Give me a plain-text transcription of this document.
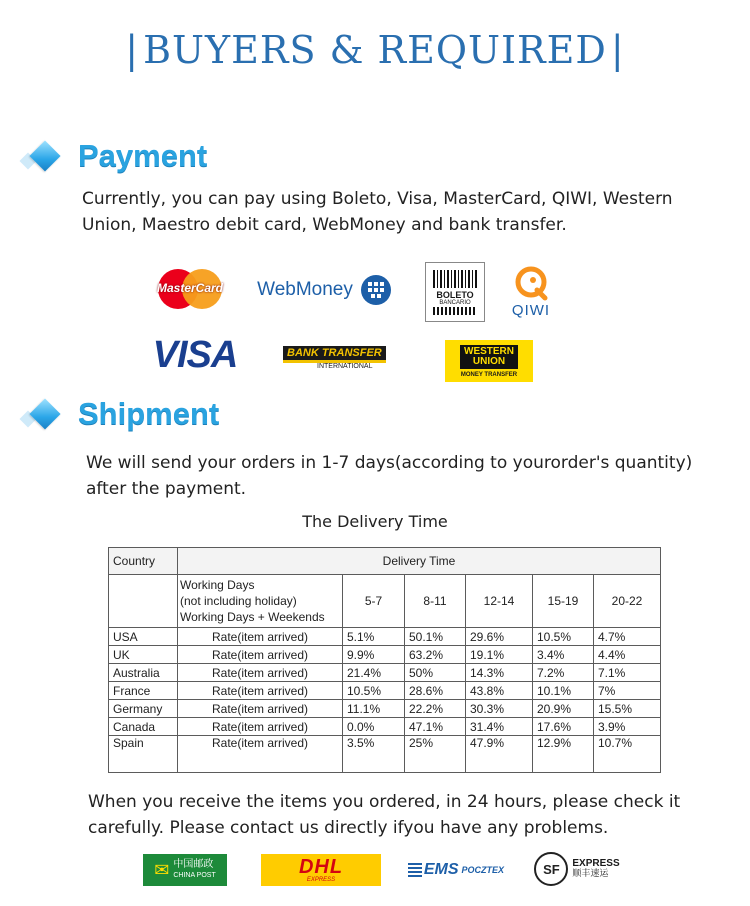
| BUYERS & REQUIRED |
Payment
Currently, you can pay using Boleto, Visa, MasterCard, QIWI, Western
Union, Maestro debit card, WebMoney and bank transfer.
MasterCard WebMoney	BOLETO
BANCARIO	QIWI
VISA	BANK TRANSFER
INTERNATIONAL
WESTERN
UNION
MONEY TRANSFER
Shipment
We will send your orders in 1-7 days(according to yourorder's quantity)
after the payment.
The Delivery Time
Country	Delivery Time					

	Working Days
(not including holiday)
Working Days + Weekends	5-7	8-11	12-14	15-19	20-22
USA	Rate(item arrived)	5.1%	50.1%	29.6%	10.5%	4.7%
UK	Rate(item arrived)	9.9%	63.2%	19.1%	3.4%	4.4%
Australia	Rate(item arrived)	21.4%	50%	14.3%	7.2%	7.1%
France	Rate(item arrived)	10.5%	28.6%	43.8%	10.1%	7%
Germany	Rate(item arrived)	11.1%	22.2%	30.3%	20.9%	15.5%
Canada	Rate(item arrived)	0.0%	47.1%	31.4%	17.6%	3.9%
Spain	Rate(item arrived)	3.5%	25%	47.9%	12.9%	10.7%
When you receive the items you ordered, in 24 hours, please check it
carefully. Please contact us directly ifyou have any problems.
✉ 中国邮政
CHINA POST	DHL
EXPRESS
EMS POCZTEX	SF	EXPRESS
顺丰速运
